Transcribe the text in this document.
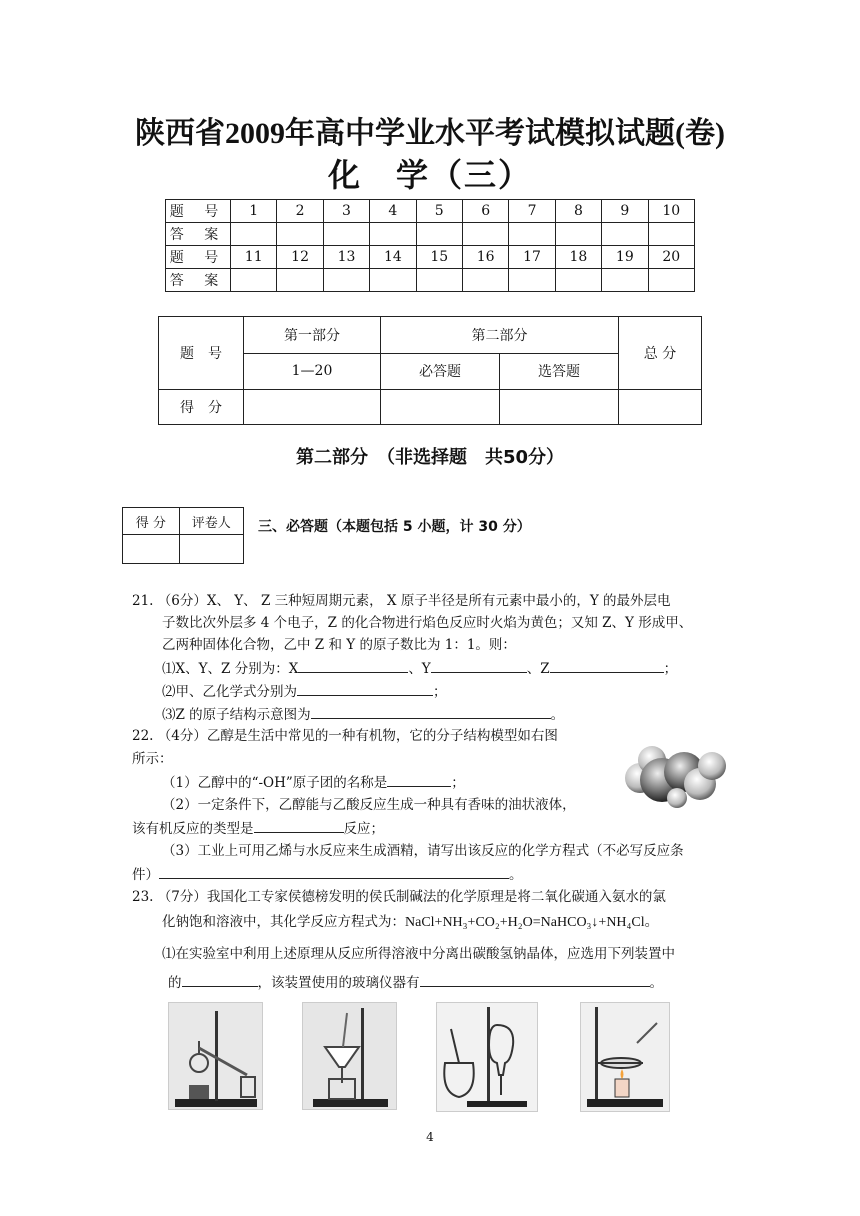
陕西省2009年高中学业水平考试模拟试题(卷)
化　学（三）
题 号	1	2	3	4	5	6	7	8	9	10
答 案										
题 号	11	12	13	14	15	16	17	18	19	20
答 案										
题　号	第一部分	第二部分		总 分
	1—20	必答题	选答题	
得　分				
第二部分　（非选择题　共50分）
得 分	评卷人
	三、必答题（本题包括 5 小题，计 30 分）
21. （6分）X、 Y、 Z 三种短周期元素， X 原子半径是所有元素中最小的，Y 的最外层电
子数比次外层多 4 个电子，Z 的化合物进行焰色反应时火焰为黄色；又知 Z、Y 形成甲、
乙两种固体化合物，乙中 Z 和 Y 的原子数比为 1：1。则：
⑴X、Y、Z 分别为：X	、Y	、Z	；
⑵甲、乙化学式分别为	；
⑶Z 的原子结构示意图为	。
22. （4分）乙醇是生活中常见的一种有机物，它的分子结构模型如右图
所示：
（1）乙醇中的“-OH”原子团的名称是	；
（2）一定条件下，乙醇能与乙酸反应生成一种具有香味的油状液体，
该有机反应的类型是	反应；
（3）工业上可用乙烯与水反应来生成酒精，请写出该反应的化学方程式（不必写反应条
件）	。
23. （7分）我国化工专家侯德榜发明的侯氏制碱法的化学原理是将二氧化碳通入氨水的氯
化钠饱和溶液中，其化学反应方程式为：NaCl+NH₃+CO₂+H₂O=NaHCO₃↓+NH₄Cl。
⑴在实验室中利用上述原理从反应所得溶液中分离出碳酸氢钠晶体，应选用下列装置中
的	，该装置使用的玻璃仪器有	。
4
